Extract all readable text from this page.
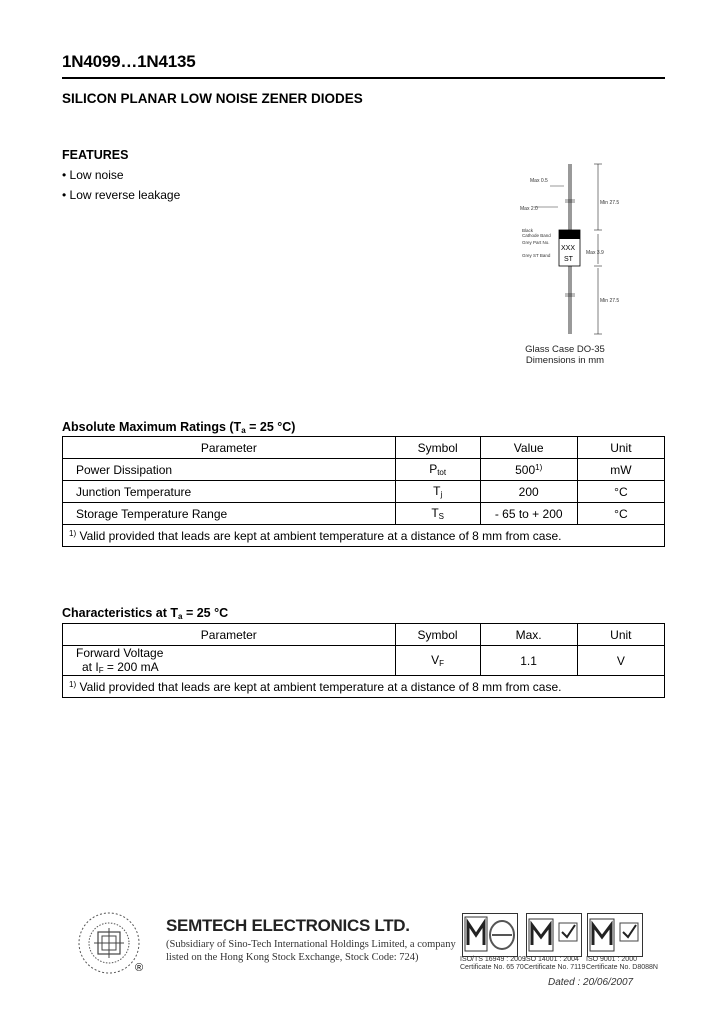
1N4099…1N4135
SILICON PLANAR LOW NOISE ZENER DIODES
FEATURES
• Low noise
• Low reverse leakage
Max 0.5
Min 27.5
Max 2.0
Max 3.9
Min 27.5
Black
Cathode Band
Grey Part No.
Grey ST Band
XXX
ST
Glass Case DO-35
Dimensions in mm
Absolute Maximum Ratings ($T_a = 25$ °C)
Parameter	Symbol	Value	Unit
Power Dissipation	$P_{tot}$	500$^{1)}$	mW
Junction Temperature	$T_j$	200	°C
Storage Temperature Range	$T_S$	- 65 to + 200	°C
$^{1)}$ Valid provided that leads are kept at ambient temperature at a distance of 8 mm from case.			
Characteristics at $T_a = 25$ °C
Parameter	Symbol	Max.	Unit

Forward Voltage
at $I_F = 200$ mA	$V_F$	1.1	V
$^{1)}$ Valid provided that leads are kept at ambient temperature at a distance of 8 mm from case.			
®
SEMTECH ELECTRONICS LTD.
(Subsidiary of Sino-Tech International Holdings Limited, a company
listed on the Hong Kong Stock Exchange, Stock Code: 724)	ISO/TS 16949 : 2009
Certificate No. 65 70
ISO 14001 : 2004
Certificate No. 7119
ISO 9001 : 2000
Certificate No. D8088N
Dated : 20/06/2007
